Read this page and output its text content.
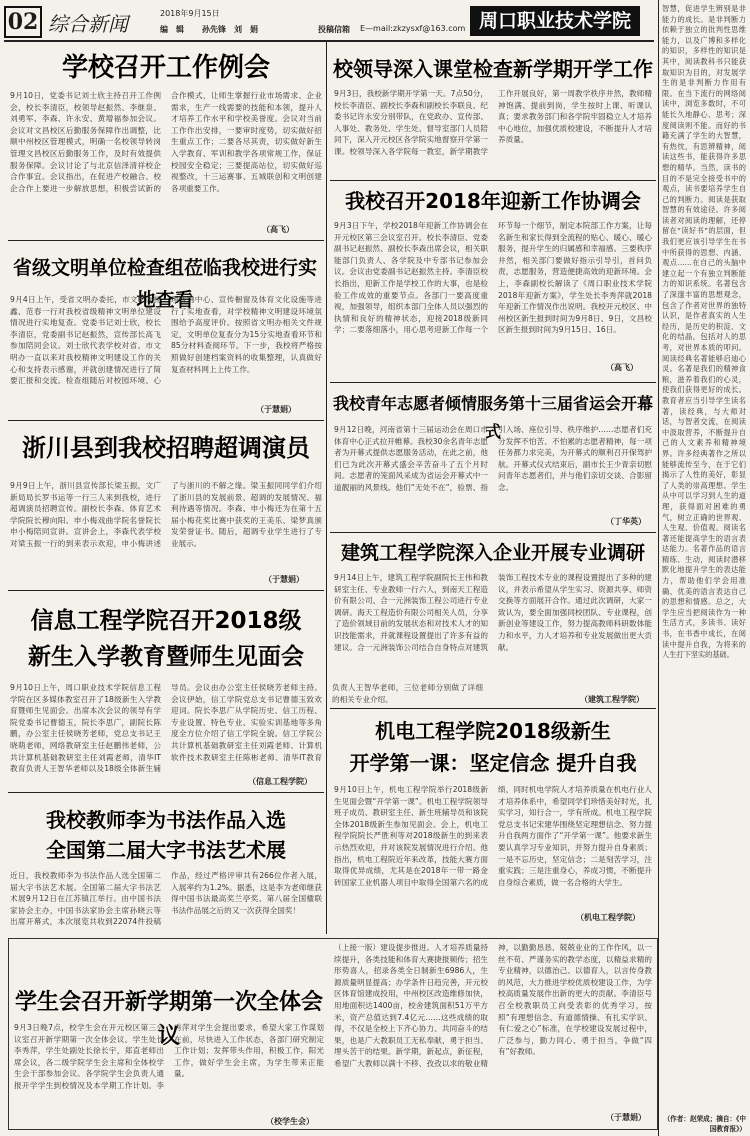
02 综合新闻	2018年9月15日
编　辑 孙先锋　刘　娟	投稿信箱 E—mail:zkzysxf@163.com 周口职业技术学院
学校召开工作例会
9月10日，党委书记刘士欣主持召开工作例会，校长李清臣，校领导赵振然、李继泉、刘勇军、李森、许永安、黄增福参加会议。会议对文昌校区后勤服务保障作出调整，比顺中州校区管理模式，明确一名校领导转岗管理文昌校区后勤服务工作，及时有效提供服务保障。会议讨论了与北京信泽清祥校企合作事宜。会议指出，在促进产校融合、校企合作上要进一步解放思想，积极尝试新的合作模式，让师生掌握行业市场需求、企业需求，生产一线需要的技能和本领，提升人才培养工作水平和学校美誉度。会议对当前工作作出安排，一要审时度势，切实做好招生重点工作；二要各尽其责，切实做好新生入学教育、军训和教学各项常规工作，保证校园安全稳定；三要提高站位，切实做好巡视整改，十三运赛事、五城联创和文明创建各项重要工作。
（高飞）
省级文明单位检查组莅临我校进行实地查看
9月4日上午，受省文明办委托，市文明办杨鑫、范春一行对我校省级精神文明单位建设情况进行实地复查。党委书记刘士欣，校长李清臣，党委副书记赵振然，宣传部长高飞参加陪同会议。刘士欣代表学校对省、市文明办一直以来对我校精神文明建设工作的关心和支持表示感谢，并就创建情况进行了简要汇报和交流。检查组随后对校园环境、心理咨询中心、宣传橱窗及体育文化设施等进行了实地查看，对学校精神文明建设环境氛围给予高度评价。按照省文明办相关文件规定，文明单位复查分为15分实地查看环节和85分材料查阅环节。下一步，我校将严格按照做好创建档案资料的收集整理，认真做好复查材料网上上传工作。
（于慧娟）
浙川县到我校招聘超调演员
9月9日上午，浙川县宣传部长梁玉振，文广新局局长罗书运等一行三人来到我校，进行超调演员招聘宣传。副校长李森、体育艺术学院院长穆向阳、申小梅戏曲学院名誉院长申小梅陪同宣讲。宣讲会上，李森代表学校对梁玉振一行的到来表示欢迎，申小梅讲述了与浙川的不解之缘。梁玉振同同学们介绍了浙川县的发展前景、超调的发展情况、福利待遇等情况。李森、申小梅还为在第十五届小梅花奖比赛中获奖的王美乐、梁梦真颁发荣誉证书。随后，超调专业学生进行了专业展示。
（于慧娟）
信息工程学院召开2018级
新生入学教育暨师生见面会
9月10日上午，周口职业技术学院信息工程学院在区多媒体教室召开了18级新生入学教育暨师生见面会。出席本次会议的领导有学院党委书记曹德玉，院长李思广，副院长陈鹏，办公室主任侯晓芳老师，党总支书记王晓萌老师，网络教研室主任赵鹏伟老师，公共计算机基础教研室主任刘霞老师，清华IT教育负责人王智华老师以及18级全体新生辅导员。会议由办公室主任侯晓芳老师主持。会议伊始，信工学院党总支书记曹德玉致欢迎词。院长李思广从学院历史、信工历程、专业设置、特色专业、实验实训基地等多角度全方位介绍了信工学院全貌。信工学院公共计算机基础教研室主任刘霞老师、计算机软件技术教研室主任陈彬老师、清华IT教育负责人王智华老师，三位老师分别做了详细的相关专业介绍。
（信息工程学院）
我校教师李为书法作品入选
全国第二届大字书法艺术展
近日，我校教师李为书法作品人选全国第二届大字书法艺术展。全国第二届大字书法艺术展9月12日在江苏镇江举行。由中国书法家协会主办，中国书法家协会主席孙晓云等出席开幕式，本次展览共收到22074件投稿作品，经过严格评审共有266位作者入展，入展率约为1.2%。据悉，这是李为老师继获得中国书法最高奖兰亭奖、第八届全国楹联书法作品展之后的又一次获得全国奖！
校领导深入课堂检查新学期开学工作
9月3日，我校新学期开学第一天。7点50分，校长李清臣、副校长李森和副校长李联良、纪委书记许永安分别带队，在党政办、宣传部、人事处、教务处、学生处、督导室部门人员陪同下，深入开元校区各学院实地督察开学第一课。校领导深入各学院每一教室，新学期教学工作开展良好，第一周教学秩序井然，教师精神饱满、提前到岗，学生按时上课、听课认真；要求教务部门和各学院牢固稳立人才培养中心地位，加强优质校建设，不断提升人才培养质量。
我校召开2018年迎新工作协调会
9月3日下午，学校2018年迎新工作协调会在开元校区第三会议室召开。校长李清臣、党委副书记赵振然、副校长李森出席会议，相关职能部门负责人、各学院及中专部书记参加会议。会议由党委副书记赵振然主持。李清臣校长指出，迎新工作是学校工作的大事，也是检验工作成效的重要节点。各部门一要高度重视，加强领导，组织本部门全体人员以强烈的执情和良好的精神状态，迎接2018级新同学；二要落细落小，用心思考迎新工作每一个环节每一个细节，制定本院部工作方案，让每名新生和家长得到全流程的贴心、暖心、暖心服务，提升学生的归属感和幸福感。三要秩序井然，相关部门要做好指示引导引，首问负责，志愿服务，营造便捷高效的迎新环境。会上，李森副校长解读了《周口职业技术学院2018年迎新方案》，学生处长李秀萍就2018年迎新工作情况作出说明。我校开元校区、中州校区新生报到时间为9月8日、9日，文昌校区新生报到时间为9月15日、16日。
（高飞）
我校青年志愿者倾情服务第十三届省运会开幕式
9月12日晚，河南省第十三届运动会在周口市体育中心正式拉开帷幕。我校30余名青年志愿者为开幕式提供志愿服务活动，在此之前，他们已为此次开幕式盛会辛苦奋斗了五个月时间。志愿者的笼面风采成为省运会开幕式中一道靓丽的风景线。他们“无处不在”，验票、指引入场、座位引导、秩序维护……志愿者们充分发挥不怕苦、不怕累的志愿者精神，每一项任务都力求完美，为开幕式的顺利召开保驾护航。开幕式仪式结束后，副市长王少青亲切慰问青年志愿者们，并与他们亲切交谈、合影留念。
（丁华英）
建筑工程学院深入企业开展专业调研
9月14日上午，建筑工程学院副院长王伟和教研室主任、专业教师一行六人，到南天工程造价有限公司、合一元洲装饰工程公司进行专业调研。海天工程造价有限公司相关人员，分享了造价领域目前的发展状态和对技术人才的知识技能需求，并就课程设置提出了许多有益的建议。合一元洲装饰公司结合自身特点对建筑装饰工程技术专业的课程设置提出了多种的建议，并表示希望从学生实习、资源共享、师资交换等方面展开合作。通过此次调研，大家一致认为，要全面加强同校团队、专业课程，创新创业等建设工作，努力提高教师科研数体能力和水平，力人才培养和专业发展做出更大贡献。
（建筑工程学院）
机电工程学院2018级新生
开学第一课：坚定信念 提升自我
9月10日上午，机电工程学院举行2018级新生见面会暨“开学第一课”。机电工程学院领导班子成员、教研室主任、新生班辅导员和该院全体2018级新生参加见面会。会上，机电工程学院院长严胜利等对2018级新生的到来表示热烈欢迎，并对该院发展情况进行介绍。他指出，机电工程院近年来改革，技能大赛方面取得优异成绩，尤其是在2018年一带一路金砖国家工业机器人项目中取得全国第六名的成绩，同时机电学院人才培养质量在机电行业人才培养体系中，希望同学们珍惜美好时光，扎实学习，知行合一，学有所成。机电工程学院党总支书记宋建华围绕坚定理想信念、努力提升自我两方面作了“开学第一课”。他要求新生要认真学习专业知识，并努力提升自身素质；一是不忘历史，坚定信念；二是刻苦学习，注重实践；三是注重身心，养成习惯，不断提升自身综合素质，做一名合格的大学生。
（机电工程学院）
学生会召开新学期第一次全体会议
9月3日晚7点，校学生会在开元校区第三会议室召开新学期第一次全体会议。学生处长李秀萍，学生处副处长徐长宇，郑直老师出席会议，各二级学院学生会主席和全体校学生会干部参加会议。各学院学生会负责人通报开学学生到校情况及本学期工作计划。李秀萍对学生会提出要求，希望大家工作谋划在前，尽快进入工作状态，各部门研究制定工作计划；发挥带头作用，积极工作，阳光工作，做好学生会主席，为学生带来正能量。
（校学生会）
（上接一版）建设提步推进。人才培养质量持续提升，各类技能和体育大赛捷报频传；招生形势喜人，招录各类全日制新生6986人，生源质量明显提高；办学条件日趋完善，开元校区体育馆建成投用，中州校区改造维修加快，用地面积达1400亩，校舍建筑面积51万平方米，资产总值达到7.4亿元……这些成绩的取得，不仅是全校上下齐心协力、共同奋斗的结果，也是广大教职员工无私奉献、勇于担当、埋头苦干的结果。新学期，新起点，新征程，希望广大教师以满十不移、孜孜以求的敬业精神，以勤勤恳恳、兢兢业业的工作作风，以一丝不苟、严谨务实的教学态度，以精益求精的专业精神，以德治己、以德育人，以言传身教的风范，大力推进学校优质校建设工作，为学校高质量发展作出新的更大的贡献。李清臣号召全校教职员工向受表彰的优秀学习，按照“有理想信念、有道德情操、有扎实学识、有仁爱之心”标准，在学校建设发展过程中，广泛参与，勤力同心、勇于担当，争做“四有”好教师。
（于慧娟）
智慧，促进学生辨别是非能力的成长。是非判断力依赖于独立的批判性思维能力，以及广博和多样化的知识，多样性的知识是其中，阅读教科书只能获取知识为目的，对发展学生的是非判断力作用有限。在当下流行的网络阅读中，浏览多数时，不可能长久地静心、思考；深度阅读则不能。而好的书籍充满了学生的大智慧，有热忱，有思辨精神，阅读这些书，能获得许多思想的精华。当然，读书的目的不是完全接受书中的观点，读书要培养学生自己的判断力。阅读是获取智慧的有效途径。许多阅读者对阅读的理解，还停留在“读好书”的层面，但我们更应该引导学生在书中所获得的思想、内涵、观点……在自己的头脑中建立起一个有独立判断能力的知识系统。名著包含了深邃丰富的思想观念，包含了作者对世界的独特认识，是作者真实的人生经历，是历史的积淀、文化的结晶，包括对人的思考，对世界本质的叩问。阅读经典名著能够启迪心灵。名著是我们的精神食粮，滋养着我们的心灵，使我们获得更好的成长。教育者应当引导学生读名著，读经典，与大师对话，与智者交流，在阅读中汲取营养，不断提升自己的人文素养和精神境界。许多经典著作之所以能够流传至今，在于它们揭示了人性的美好，彰显了人类的崇高理想。学生从中可以学习到人生的道理，获得面对困难的勇气，树立正确的世界观、人生观、价值观。阅读名著还能提高学生的语言表达能力。名著作品的语言精练、生动，阅读时潜移默化地提升学生的表达能力，帮助他们学会用准确、优美的语言表达自己的思想和情感。总之，大学生应当把阅读作为一种生活方式，多读书、读好书，在书香中成长，在阅读中提升自我，为将来的人生打下坚实的基础。
（作者：赵荣成；摘自：《中国教育报》）
